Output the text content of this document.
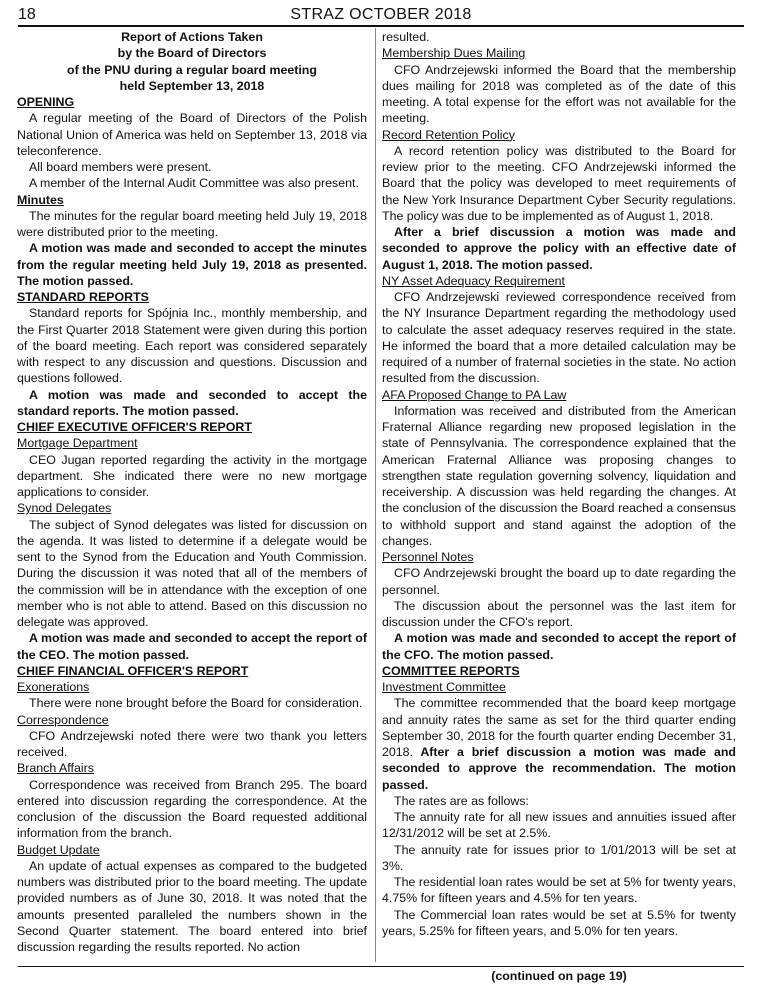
18	STRAZ OCTOBER 2018

Report of Actions Taken

by the Board of Directors

of the PNU during a regular board meeting

held September 13, 2018

OPENING

A regular meeting of the Board of Directors of the Polish National Union of America was held on September 13, 2018 via teleconference.

All board members were present.

A member of the Internal Audit Committee was also present.

Minutes

The minutes for the regular board meeting held July 19, 2018 were distributed prior to the meeting.

A motion was made and seconded to accept the minutes from the regular meeting held July 19, 2018 as presented. The motion passed.

STANDARD REPORTS

Standard reports for Spójnia Inc., monthly membership, and the First Quarter 2018 Statement were given during this portion of the board meeting. Each report was considered separately with respect to any discussion and questions. Discussion and questions followed.

A motion was made and seconded to accept the standard reports. The motion passed.

CHIEF EXECUTIVE OFFICER'S REPORT

Mortgage Department

CEO Jugan reported regarding the activity in the mortgage department. She indicated there were no new mortgage applications to consider.

Synod Delegates

The subject of Synod delegates was listed for discussion on the agenda. It was listed to determine if a delegate would be sent to the Synod from the Education and Youth Commission. During the discussion it was noted that all of the members of the commission will be in attendance with the exception of one member who is not able to attend. Based on this discussion no delegate was approved.

A motion was made and seconded to accept the report of the CEO. The motion passed.

CHIEF FINANCIAL OFFICER'S REPORT

Exonerations

There were none brought before the Board for consideration.

Correspondence

CFO Andrzejewski noted there were two thank you letters received.

Branch Affairs

Correspondence was received from Branch 295. The board entered into discussion regarding the correspondence. At the conclusion of the discussion the Board requested additional information from the branch.

Budget Update

An update of actual expenses as compared to the budgeted numbers was distributed prior to the board meeting. The update provided numbers as of June 30, 2018. It was noted that the amounts presented paralleled the numbers shown in the Second Quarter statement. The board entered into brief discussion regarding the results reported. No action

resulted.

Membership Dues Mailing

CFO Andrzejewski informed the Board that the membership dues mailing for 2018 was completed as of the date of this meeting. A total expense for the effort was not available for the meeting.

Record Retention Policy

A record retention policy was distributed to the Board for review prior to the meeting. CFO Andrzejewski informed the Board that the policy was developed to meet requirements of the New York Insurance Department Cyber Security regulations. The policy was due to be implemented as of August 1, 2018.

After a brief discussion a motion was made and seconded to approve the policy with an effective date of August 1, 2018. The motion passed.

NY Asset Adequacy Requirement

CFO Andrzejewski reviewed correspondence received from the NY Insurance Department regarding the methodology used to calculate the asset adequacy reserves required in the state. He informed the board that a more detailed calculation may be required of a number of fraternal societies in the state. No action resulted from the discussion.

AFA Proposed Change to PA Law

Information was received and distributed from the American Fraternal Alliance regarding new proposed legislation in the state of Pennsylvania. The correspondence explained that the American Fraternal Alliance was proposing changes to strengthen state regulation governing solvency, liquidation and receivership. A discussion was held regarding the changes. At the conclusion of the discussion the Board reached a consensus to withhold support and stand against the adoption of the changes.

Personnel Notes

CFO Andrzejewski brought the board up to date regarding the personnel.

The discussion about the personnel was the last item for discussion under the CFO's report.

A motion was made and seconded to accept the report of the CFO. The motion passed.

COMMITTEE REPORTS

Investment Committee

The committee recommended that the board keep mortgage and annuity rates the same as set for the third quarter ending September 30, 2018 for the fourth quarter ending December 31, 2018. After a brief discussion a motion was made and seconded to approve the recommendation. The motion passed.

The rates are as follows:

The annuity rate for all new issues and annuities issued after 12/31/2012 will be set at 2.5%.

The annuity rate for issues prior to 1/01/2013 will be set at 3%.

The residential loan rates would be set at 5% for twenty years, 4.75% for fifteen years and 4.5% for ten years.

The Commercial loan rates would be set at 5.5% for twenty years, 5.25% for fifteen years, and 5.0% for ten years.

(continued on page 19)
